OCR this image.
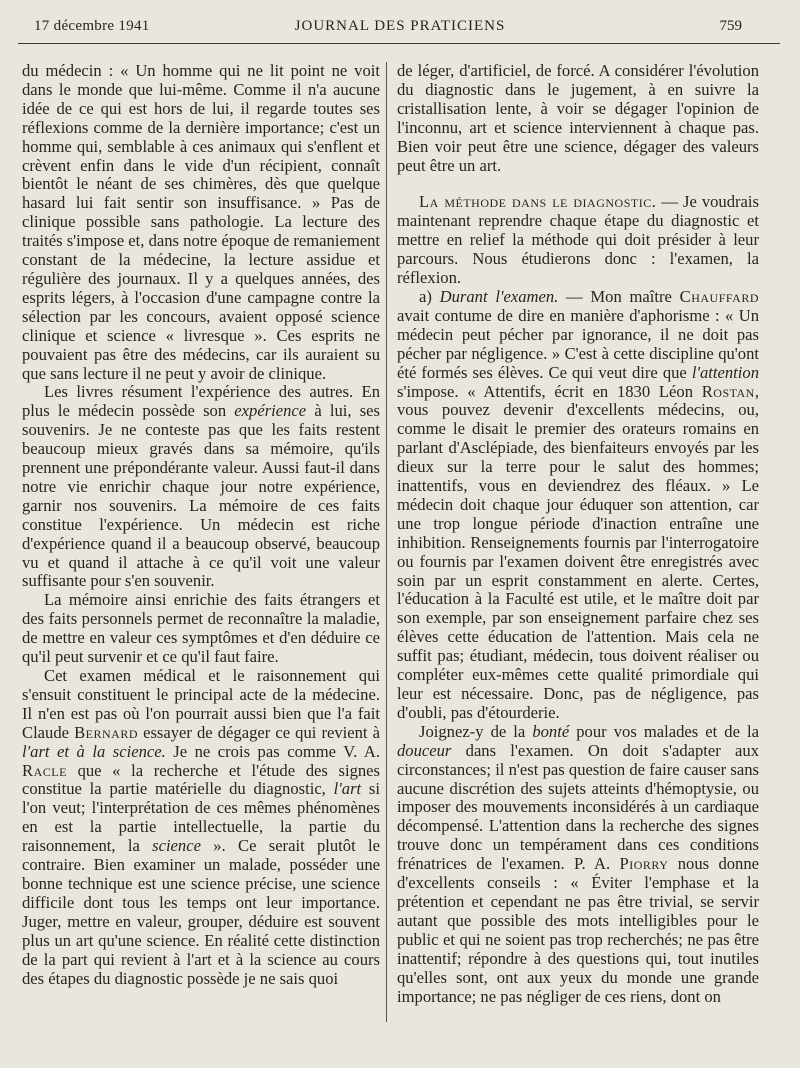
17 décembre 1941	JOURNAL DES PRATICIENS	759

du médecin : « Un homme qui ne lit point ne voit dans le monde que lui-même. Comme il n'a aucune idée de ce qui est hors de lui, il regarde toutes ses réflexions comme de la dernière importance; c'est un homme qui, semblable à ces animaux qui s'enflent et crèvent enfin dans le vide d'un récipient, connaît bientôt le néant de ses chimères, dès que quelque hasard lui fait sentir son insuffisance. » Pas de clinique possible sans pathologie. La lecture des traités s'impose et, dans notre époque de remaniement constant de la médecine, la lecture assidue et régulière des journaux. Il y a quelques années, des esprits légers, à l'occasion d'une campagne contre la sélection par les concours, avaient opposé science clinique et science « livresque ». Ces esprits ne pouvaient pas être des médecins, car ils auraient su que sans lecture il ne peut y avoir de clinique.

Les livres résument l'expérience des autres. En plus le médecin possède son expérience à lui, ses souvenirs. Je ne conteste pas que les faits restent beaucoup mieux gravés dans sa mémoire, qu'ils prennent une prépondérante valeur. Aussi faut-il dans notre vie enrichir chaque jour notre expérience, garnir nos souvenirs. La mémoire de ces faits constitue l'expérience. Un médecin est riche d'expérience quand il a beaucoup observé, beaucoup vu et quand il attache à ce qu'il voit une valeur suffisante pour s'en souvenir.

La mémoire ainsi enrichie des faits étrangers et des faits personnels permet de reconnaître la maladie, de mettre en valeur ces symptômes et d'en déduire ce qu'il peut survenir et ce qu'il faut faire.

Cet examen médical et le raisonnement qui s'ensuit constituent le principal acte de la médecine. Il n'en est pas où l'on pourrait aussi bien que l'a fait Claude Bernard essayer de dégager ce qui revient à l'art et à la science. Je ne crois pas comme V. A. Racle que « la recherche et l'étude des signes constitue la partie matérielle du diagnostic, l'art si l'on veut; l'interprétation de ces mêmes phénomènes en est la partie intellectuelle, la partie du raisonnement, la science ». Ce serait plutôt le contraire. Bien examiner un malade, posséder une bonne technique est une science précise, une science difficile dont tous les temps ont leur importance. Juger, mettre en valeur, grouper, déduire est souvent plus un art qu'une science. En réalité cette distinction de la part qui revient à l'art et à la science au cours des étapes du diagnostic possède je ne sais quoi

de léger, d'artificiel, de forcé. A considérer l'évolution du diagnostic dans le jugement, à en suivre la cristallisation lente, à voir se dégager l'opinion de l'inconnu, art et science interviennent à chaque pas. Bien voir peut être une science, dégager des valeurs peut être un art.

La méthode dans le diagnostic. — Je voudrais maintenant reprendre chaque étape du diagnostic et mettre en relief la méthode qui doit présider à leur parcours. Nous étudierons donc : l'examen, la réflexion.

a) Durant l'examen. — Mon maître Chauffard avait contume de dire en manière d'aphorisme : « Un médecin peut pécher par ignorance, il ne doit pas pécher par négligence. » C'est à cette discipline qu'ont été formés ses élèves. Ce qui veut dire que l'attention s'impose. « Attentifs, écrit en 1830 Léon Rostan, vous pouvez devenir d'excellents médecins, ou, comme le disait le premier des orateurs romains en parlant d'Asclépiade, des bienfaiteurs envoyés par les dieux sur la terre pour le salut des hommes; inattentifs, vous en deviendrez des fléaux. » Le médecin doit chaque jour éduquer son attention, car une trop longue période d'inaction entraîne une inhibition. Renseignements fournis par l'interrogatoire ou fournis par l'examen doivent être enregistrés avec soin par un esprit constamment en alerte. Certes, l'éducation à la Faculté est utile, et le maître doit par son exemple, par son enseignement parfaire chez ses élèves cette éducation de l'attention. Mais cela ne suffit pas; étudiant, médecin, tous doivent réaliser ou compléter eux-mêmes cette qualité primordiale qui leur est nécessaire. Donc, pas de négligence, pas d'oubli, pas d'étourderie.

Joignez-y de la bonté pour vos malades et de la douceur dans l'examen. On doit s'adapter aux circonstances; il n'est pas question de faire causer sans aucune discrétion des sujets atteints d'hémoptysie, ou imposer des mouvements inconsidérés à un cardiaque décompensé. L'attention dans la recherche des signes trouve donc un tempérament dans ces conditions frénatrices de l'examen. P. A. Piorry nous donne d'excellents conseils : « Éviter l'emphase et la prétention et cependant ne pas être trivial, se servir autant que possible des mots intelligibles pour le public et qui ne soient pas trop recherchés; ne pas être inattentif; répondre à des questions qui, tout inutiles qu'elles sont, ont aux yeux du monde une grande importance; ne pas négliger de ces riens, dont on
